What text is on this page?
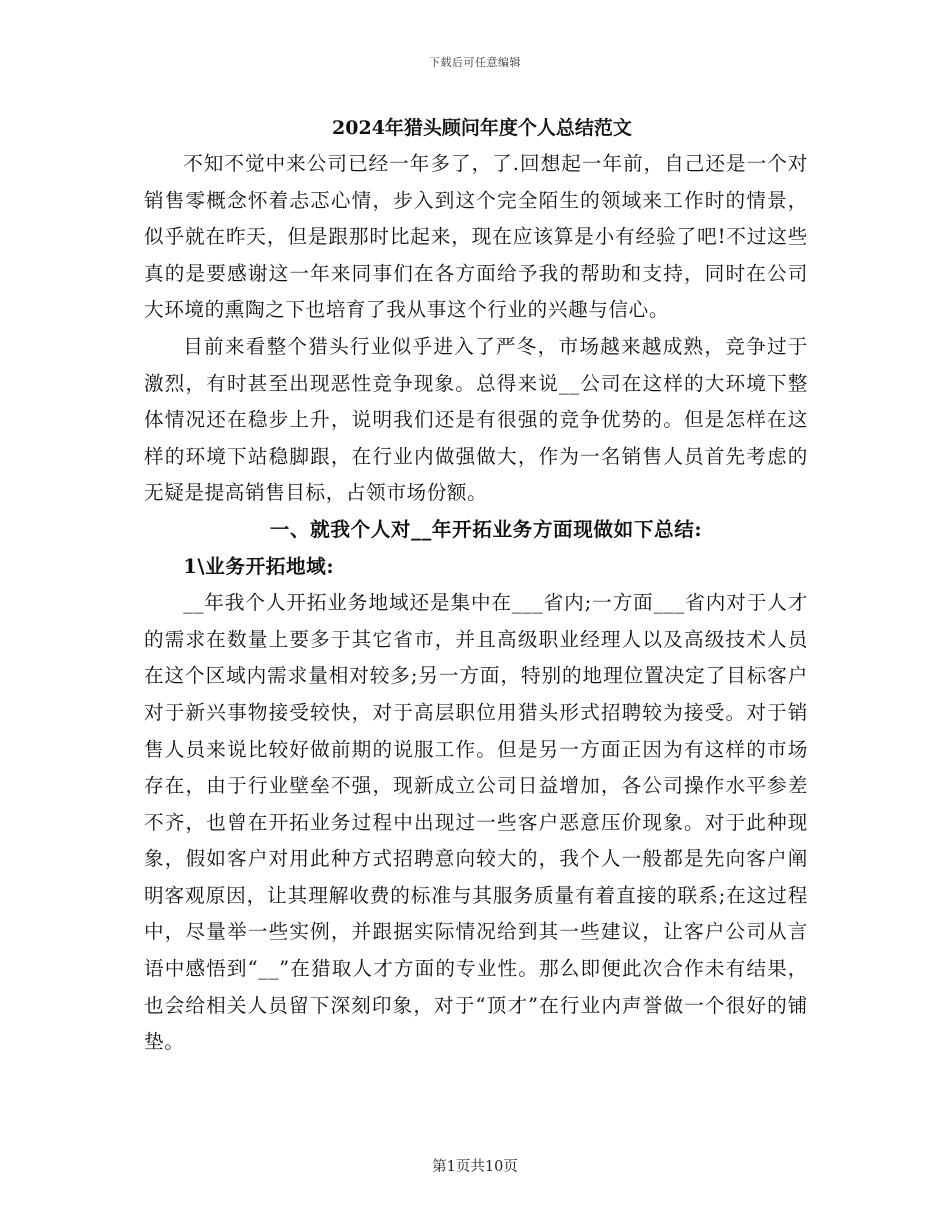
下载后可任意编辑

2024年猎头顾问年度个人总结范文

不知不觉中来公司已经一年多了，了.回想起一年前，自己还是一个对销售零概念怀着忐忑心情，步入到这个完全陌生的领域来工作时的情景，似乎就在昨天，但是跟那时比起来，现在应该算是小有经验了吧!不过这些真的是要感谢这一年来同事们在各方面给予我的帮助和支持，同时在公司大环境的熏陶之下也培育了我从事这个行业的兴趣与信心。

目前来看整个猎头行业似乎进入了严冬，市场越来越成熟，竞争过于激烈，有时甚至出现恶性竞争现象。总得来说__公司在这样的大环境下整体情况还在稳步上升，说明我们还是有很强的竞争优势的。但是怎样在这样的环境下站稳脚跟，在行业内做强做大，作为一名销售人员首先考虑的无疑是提高销售目标，占领市场份额。

一、就我个人对__年开拓业务方面现做如下总结:

1\业务开拓地域:

__年我个人开拓业务地域还是集中在___省内;一方面___省内对于人才的需求在数量上要多于其它省市，并且高级职业经理人以及高级技术人员在这个区域内需求量相对较多;另一方面，特别的地理位置决定了目标客户对于新兴事物接受较快，对于高层职位用猎头形式招聘较为接受。对于销售人员来说比较好做前期的说服工作。但是另一方面正因为有这样的市场存在，由于行业壁垒不强，现新成立公司日益增加，各公司操作水平参差不齐，也曾在开拓业务过程中出现过一些客户恶意压价现象。对于此种现象，假如客户对用此种方式招聘意向较大的，我个人一般都是先向客户阐明客观原因，让其理解收费的标准与其服务质量有着直接的联系;在这过程中，尽量举一些实例，并跟据实际情况给到其一些建议，让客户公司从言语中感悟到“__”在猎取人才方面的专业性。那么即便此次合作未有结果，也会给相关人员留下深刻印象，对于“顶才”在行业内声誉做一个很好的铺垫。

第1页共10页
